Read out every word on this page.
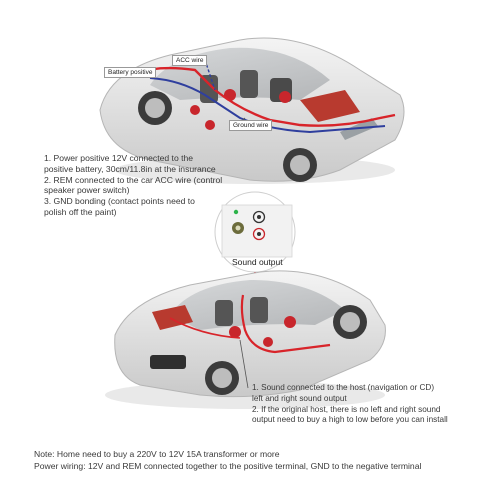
Battery positive
ACC wire
Ground wire
1. Power positive 12V connected to the
positive battery, 30cm/11.8in at the insurance
2. REM connected to the car ACC wire (control
speaker power switch)
3. GND bonding (contact points need to
polish off the paint)
Sound output
1. Sound connected to the host (navigation or CD)
left and right sound output
2. If the original host, there is no left and right sound
output need to buy a high to low before you can install
Note: Home need to buy a 220V to 12V 15A transformer or more
Power wiring: 12V and REM connected together to the positive terminal, GND to the negative terminal
